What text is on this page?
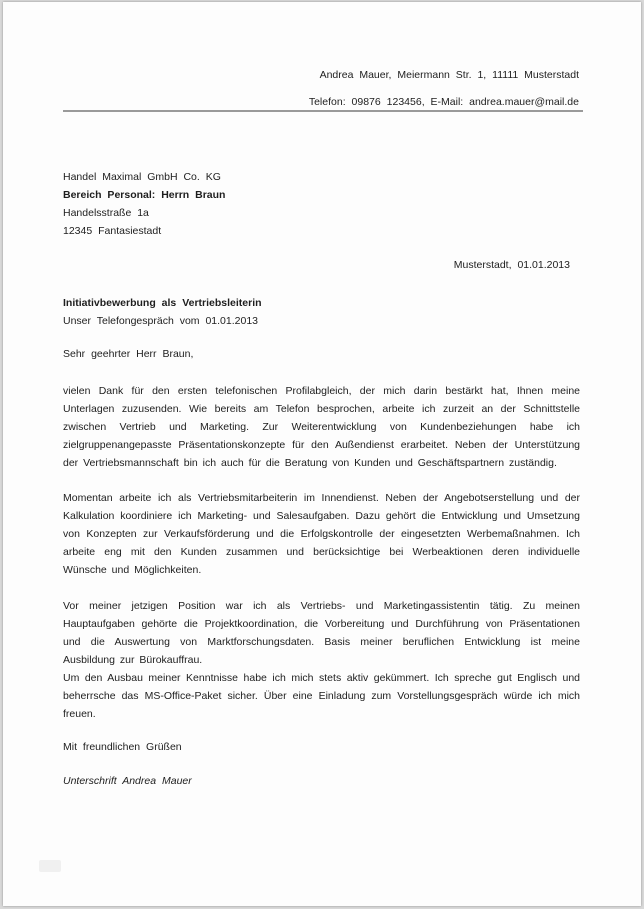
Andrea Mauer, Meiermann Str. 1, 11111 Musterstadt
Telefon: 09876 123456, E-Mail: andrea.mauer@mail.de
Handel Maximal GmbH Co. KG
Bereich Personal: Herrn Braun
Handelsstraße 1a
12345 Fantasiestadt
Musterstadt, 01.01.2013
Initiativbewerbung als Vertriebsleiterin
Unser Telefongespräch vom 01.01.2013
Sehr geehrter Herr Braun,
vielen Dank für den ersten telefonischen Profilabgleich, der mich darin bestärkt hat, Ihnen meine Unterlagen zuzusenden. Wie bereits am Telefon besprochen, arbeite ich zurzeit an der Schnittstelle zwischen Vertrieb und Marketing. Zur Weiterentwicklung von Kundenbeziehungen habe ich zielgruppenangepasste Präsentationskonzepte für den Außendienst erarbeitet. Neben der Unterstützung der Vertriebsmannschaft bin ich auch für die Beratung von Kunden und Geschäftspartnern zuständig.
Momentan arbeite ich als Vertriebsmitarbeiterin im Innendienst. Neben der Angebotserstellung und der Kalkulation koordiniere ich Marketing- und Salesaufgaben. Dazu gehört die Entwicklung und Umsetzung von Konzepten zur Verkaufsförderung und die Erfolgskontrolle der eingesetzten Werbemaßnahmen. Ich arbeite eng mit den Kunden zusammen und berücksichtige bei Werbeaktionen deren individuelle Wünsche und Möglichkeiten.
Vor meiner jetzigen Position war ich als Vertriebs- und Marketingassistentin tätig. Zu meinen Hauptaufgaben gehörte die Projektkoordination, die Vorbereitung und Durchführung von Präsentationen und die Auswertung von Marktforschungsdaten. Basis meiner beruflichen Entwicklung ist meine Ausbildung zur Bürokauffrau.
Um den Ausbau meiner Kenntnisse habe ich mich stets aktiv gekümmert. Ich spreche gut Englisch und beherrsche das MS-Office-Paket sicher. Über eine Einladung zum Vorstellungsgespräch würde ich mich freuen.
Mit freundlichen Grüßen
Unterschrift Andrea Mauer
